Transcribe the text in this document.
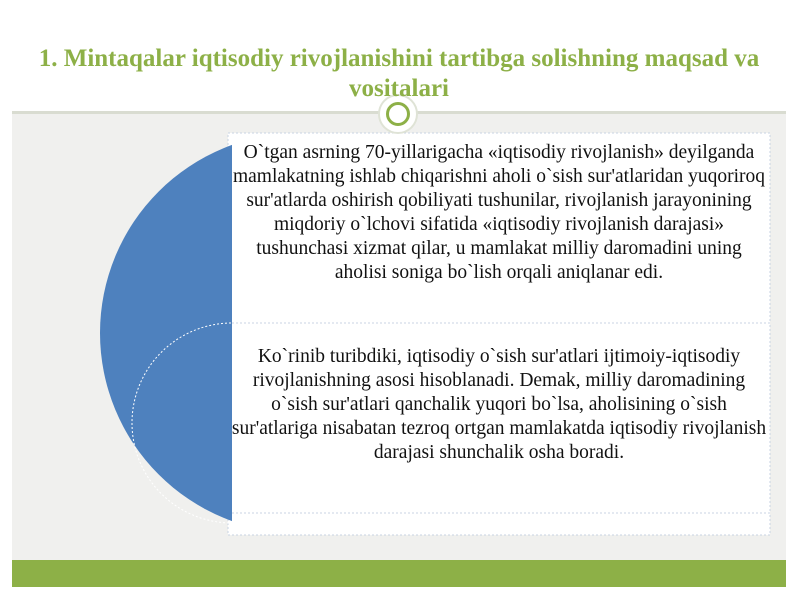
1. Mintaqalar iqtisodiy rivojlanishini tartibga solishning maqsad va vositalari
O`tgan asrning 70-yillarigacha «iqtisodiy rivojlanish» deyilganda mamlakatning ishlab chiqarishni aholi o`sish sur'atlaridan yuqoriroq sur'atlarda oshirish qobiliyati tushunilar, rivojlanish jarayonining miqdoriy o`lchovi sifatida «iqtisodiy rivojlanish darajasi» tushunchasi xizmat qilar, u mamlakat milliy daromadini uning aholisi soniga bo`lish orqali aniqlanar edi.
Ko`rinib turibdiki, iqtisodiy o`sish sur'atlari ijtimoiy-iqtisodiy rivojlanishning asosi hisoblanadi. Demak, milliy daromadining o`sish sur'atlari qanchalik yuqori bo`lsa, aholisining o`sish sur'atlariga nisabatan tezroq ortgan mamlakatda iqtisodiy rivojlanish darajasi shunchalik osha boradi.
